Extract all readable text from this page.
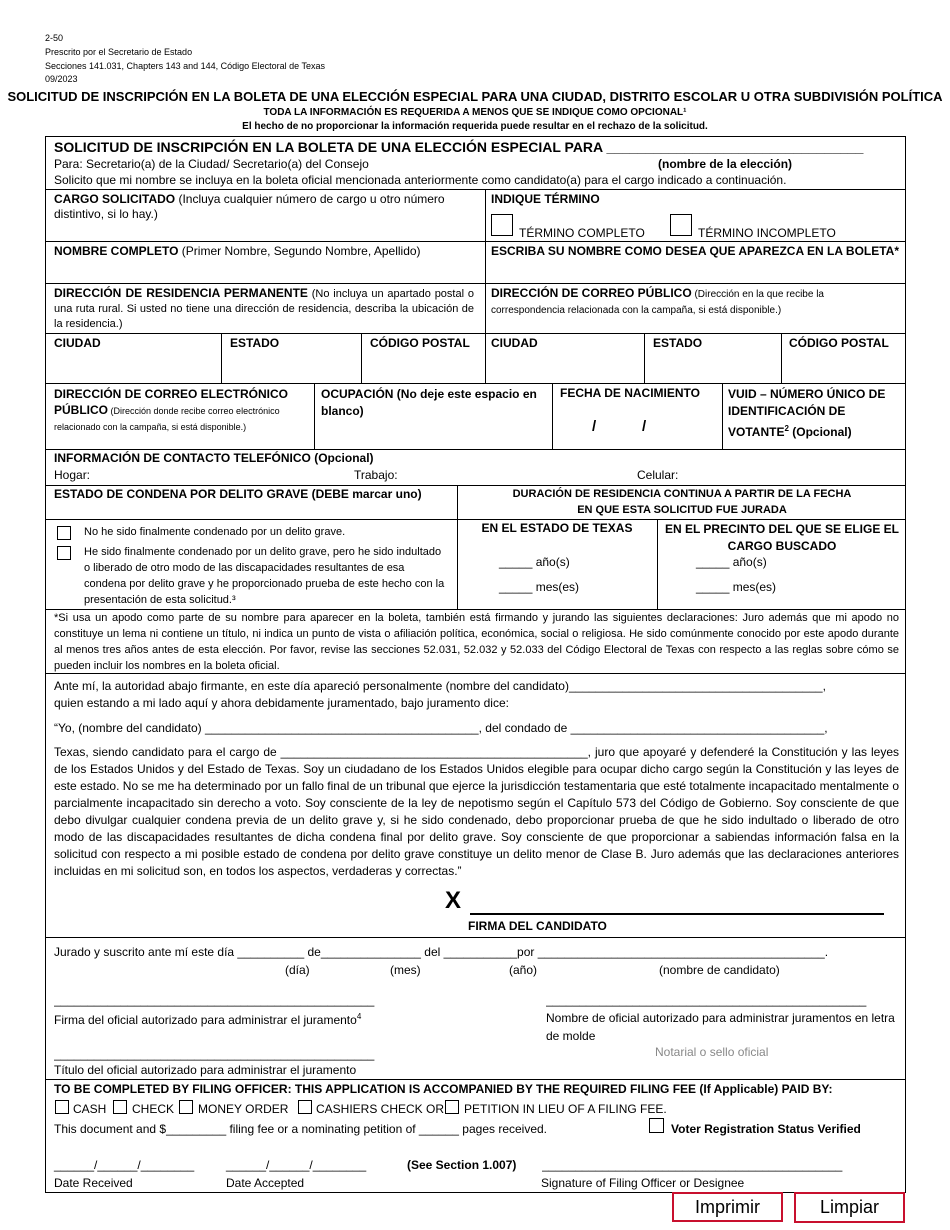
2-50
Prescrito por el Secretario de Estado
Secciones 141.031, Chapters 143 and 144, Código Electoral de Texas
09/2023
SOLICITUD DE INSCRIPCIÓN EN LA BOLETA DE UNA ELECCIÓN ESPECIAL PARA UNA CIUDAD, DISTRITO ESCOLAR U OTRA SUBDIVISIÓN POLÍTICA
TODA LA INFORMACIÓN ES REQUERIDA A MENOS QUE SE INDIQUE COMO OPCIONAL¹
El hecho de no proporcionar la información requerida puede resultar en el rechazo de la solicitud.
SOLICITUD DE INSCRIPCIÓN EN LA BOLETA DE UNA ELECCIÓN ESPECIAL PARA _________________________________
Para: Secretario(a) de la Ciudad/ Secretario(a) del Consejo	(nombre de la elección)
Solicito que mi nombre se incluya en la boleta oficial mencionada anteriormente como candidato(a) para el cargo indicado a continuación.
CARGO SOLICITADO (Incluya cualquier número de cargo u otro número distintivo, si lo hay.)
INDIQUE TÉRMINO
TÉRMINO COMPLETO	TÉRMINO INCOMPLETO
NOMBRE COMPLETO (Primer Nombre, Segundo Nombre, Apellido)	ESCRIBA SU NOMBRE COMO DESEA QUE APAREZCA EN LA BOLETA*
DIRECCIÓN DE RESIDENCIA PERMANENTE (No incluya un apartado postal o una ruta rural. Si usted no tiene una dirección de residencia, describa la ubicación de la residencia.)
DIRECCIÓN DE CORREO PÚBLICO (Dirección en la que recibe la correspondencia relacionada con la campaña, si está disponible.)
CIUDAD	ESTADO	CÓDIGO POSTAL CIUDAD	ESTADO	CÓDIGO POSTAL
DIRECCIÓN DE CORREO ELECTRÓNICO PÚBLICO (Dirección donde recibe correo electrónico relacionado con la campaña, si está disponible.)
OCUPACIÓN (No deje este espacio en blanco)
FECHA DE NACIMIENTO
/           /
VUID – NÚMERO ÚNICO DE IDENTIFICACIÓN DE VOTANTE$^2$ (Opcional)
INFORMACIÓN DE CONTACTO TELEFÓNICO (Opcional)
Hogar:	Trabajo:	Celular:
ESTADO DE CONDENA POR DELITO GRAVE (DEBE marcar uno)
No he sido finalmente condenado por un delito grave.
He sido finalmente condenado por un delito grave, pero he sido indultado o liberado de otro modo de las discapacidades resultantes de esa condena por delito grave y he proporcionado prueba de este hecho con la presentación de esta solicitud.³
DURACIÓN DE RESIDENCIA CONTINUA A PARTIR DE LA FECHA
EN QUE ESTA SOLICITUD FUE JURADA
EN EL ESTADO DE TEXAS
_____ año(s)
_____ mes(es)
EN EL PRECINTO DEL QUE SE ELIGE EL CARGO BUSCADO
_____ año(s)
_____ mes(es)
*Si usa un apodo como parte de su nombre para aparecer en la boleta, también está firmando y jurando las siguientes declaraciones: Juro además que mi apodo no constituye un lema ni contiene un título, ni indica un punto de vista o afiliación política, económica, social o religiosa. He sido comúnmente conocido por este apodo durante al menos tres años antes de esta elección. Por favor, revise las secciones 52.031, 52.032 y 52.033 del Código Electoral de Texas con respecto a las reglas sobre cómo se pueden incluir los nombres en la boleta oficial.
Ante mí, la autoridad abajo firmante, en este día apareció personalmente (nombre del candidato)______________________________________,
quien estando a mi lado aquí y ahora debidamente juramentado, bajo juramento dice:
“Yo, (nombre del candidato) _________________________________________, del condado de ______________________________________,
Texas, siendo candidato para el cargo de ______________________________________________, juro que apoyaré y defenderé la Constitución y las leyes de los Estados Unidos y del Estado de Texas. Soy un ciudadano de los Estados Unidos elegible para ocupar dicho cargo según la Constitución y las leyes de este estado. No se me ha determinado por un fallo final de un tribunal que ejerce la jurisdicción testamentaria que esté totalmente incapacitado mentalmente o parcialmente incapacitado sin derecho a voto. Soy consciente de la ley de nepotismo según el Capítulo 573 del Código de Gobierno. Soy consciente de que debo divulgar cualquier condena previa de un delito grave y, si he sido condenado, debo proporcionar prueba de que he sido indultado o liberado de otro modo de las discapacidades resultantes de dicha condena final por delito grave. Soy consciente de que proporcionar a sabiendas información falsa en la solicitud con respecto a mi posible estado de condena por delito grave constituye un delito menor de Clase B. Juro además que las declaraciones anteriores incluidas en mi solicitud son, en todos los aspectos, verdaderas y correctas.”
X
FIRMA DEL CANDIDATO
Jurado y suscrito ante mí este día __________ de_______________ del ___________por ___________________________________________.
(día)	(mes)	(año)	(nombre de candidato)
________________________________________________
Firma del oficial autorizado para administrar el juramento$^4$
________________________________________________
Nombre de oficial autorizado para administrar juramentos en letra de molde
Notarial o sello oficial
________________________________________________
Título del oficial autorizado para administrar el juramento
TO BE COMPLETED BY FILING OFFICER: THIS APPLICATION IS ACCOMPANIED BY THE REQUIRED FILING FEE (If Applicable) PAID BY:
CASH CHECK MONEY ORDER CASHIERS CHECK OR PETITION IN LIEU OF A FILING FEE.
This document and $_________ filing fee or a nominating petition of ______ pages received.	Voter Registration Status Verified
______/______/________	______/______/________	(See Section 1.007) _____________________________________________
Date Received	Date Accepted	Signature of Filing Officer or Designee
Imprimir	Limpiar
